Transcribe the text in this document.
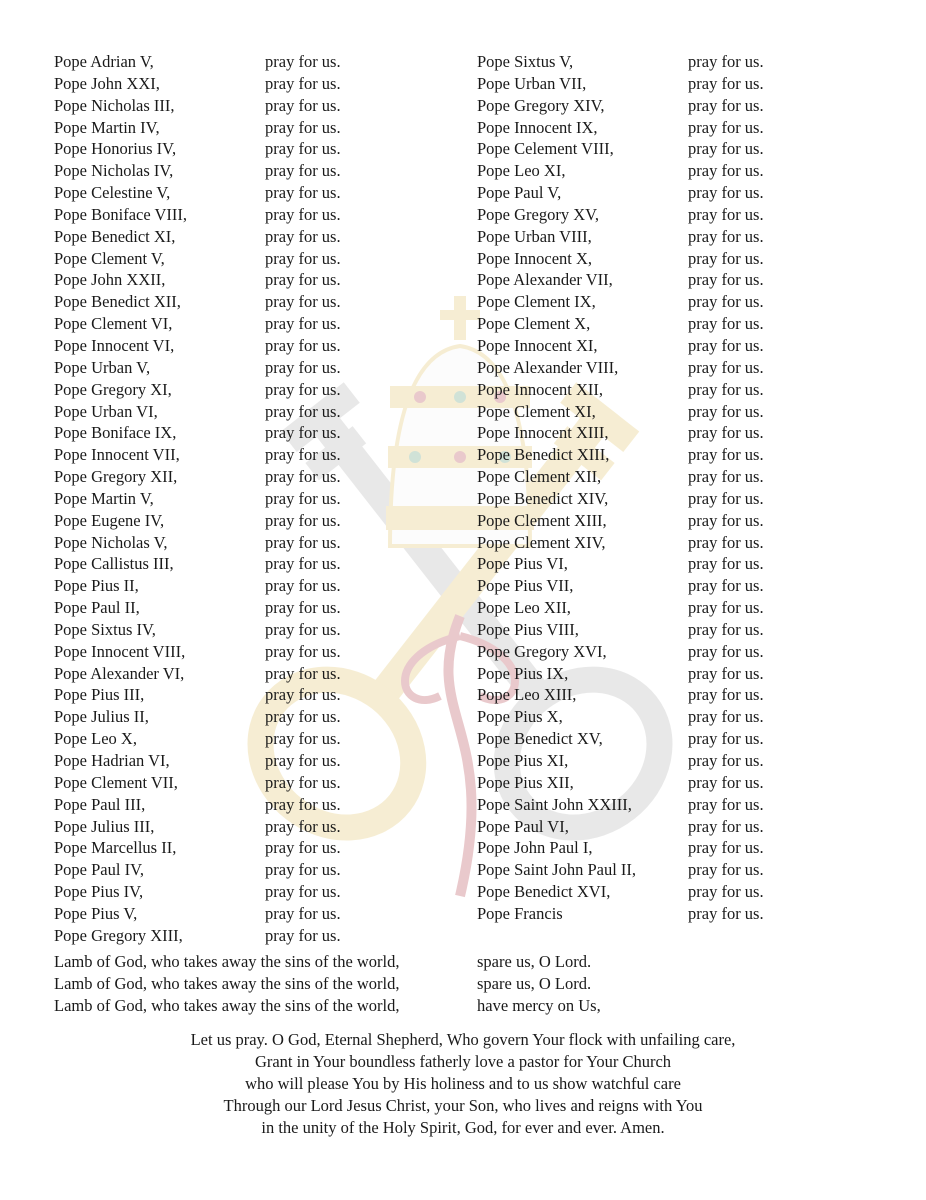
Pope Adrian V,	pray for us.
Pope John XXI,	pray for us.
Pope Nicholas III,	pray for us.
Pope Martin IV,	pray for us.
Pope Honorius IV,	pray for us.
Pope Nicholas IV,	pray for us.
Pope Celestine V,	pray for us.
Pope Boniface VIII,	pray for us.
Pope Benedict XI,	pray for us.
Pope Clement V,	pray for us.
Pope John XXII,	pray for us.
Pope Benedict XII,	pray for us.
Pope Clement VI,	pray for us.
Pope Innocent VI,	pray for us.
Pope Urban V,	pray for us.
Pope Gregory XI,	pray for us.
Pope Urban VI,	pray for us.
Pope Boniface IX,	pray for us.
Pope Innocent VII,	pray for us.
Pope Gregory XII,	pray for us.
Pope Martin V,	pray for us.
Pope Eugene IV,	pray for us.
Pope Nicholas V,	pray for us.
Pope Callistus III,	pray for us.
Pope Pius II,	pray for us.
Pope Paul II,	pray for us.
Pope Sixtus IV,	pray for us.
Pope Innocent VIII,	pray for us.
Pope Alexander VI,	pray for us.
Pope Pius III,	pray for us.
Pope Julius II,	pray for us.
Pope Leo X,	pray for us.
Pope Hadrian VI,	pray for us.
Pope Clement VII,	pray for us.
Pope Paul III,	pray for us.
Pope Julius III,	pray for us.
Pope Marcellus II,	pray for us.
Pope Paul IV,	pray for us.
Pope Pius IV,	pray for us.
Pope Pius V,	pray for us.
Pope Gregory XIII,	pray for us.
Pope Sixtus V,	pray for us.
Pope Urban VII,	pray for us.
Pope Gregory XIV,	pray for us.
Pope Innocent IX,	pray for us.
Pope Celement VIII,	pray for us.
Pope Leo XI,	pray for us.
Pope Paul V,	pray for us.
Pope Gregory XV,	pray for us.
Pope Urban VIII,	pray for us.
Pope Innocent X,	pray for us.
Pope Alexander VII,	pray for us.
Pope Clement IX,	pray for us.
Pope Clement X,	pray for us.
Pope Innocent XI,	pray for us.
Pope Alexander VIII,	pray for us.
Pope Innocent XII,	pray for us.
Pope Clement XI,	pray for us.
Pope Innocent XIII,	pray for us.
Pope Benedict XIII,	pray for us.
Pope Clement XII,	pray for us.
Pope Benedict XIV,	pray for us.
Pope Clement XIII,	pray for us.
Pope Clement XIV,	pray for us.
Pope Pius VI,	pray for us.
Pope Pius VII,	pray for us.
Pope Leo XII,	pray for us.
Pope Pius VIII,	pray for us.
Pope Gregory XVI,	pray for us.
Pope Pius IX,	pray for us.
Pope Leo XIII,	pray for us.
Pope Pius X,	pray for us.
Pope Benedict XV,	pray for us.
Pope Pius XI,	pray for us.
Pope Pius XII,	pray for us.
Pope Saint John XXIII,	pray for us.
Pope Paul VI,	pray for us.
Pope John Paul I,	pray for us.
Pope Saint John Paul II,	pray for us.
Pope Benedict XVI,	pray for us.
Pope Francis	pray for us.
Lamb of God, who takes away the sins of the world,	spare us, O Lord.
Lamb of God, who takes away the sins of the world,	spare us, O Lord.
Lamb of God, who takes away the sins of the world,	have mercy on Us,
Let us pray. O God, Eternal Shepherd, Who govern Your flock with unfailing care,
Grant in Your boundless fatherly love a pastor for Your Church
who will please You by His holiness and to us show watchful care
Through our Lord Jesus Christ, your Son, who lives and reigns with You
in the unity of the Holy Spirit, God, for ever and ever. Amen.
